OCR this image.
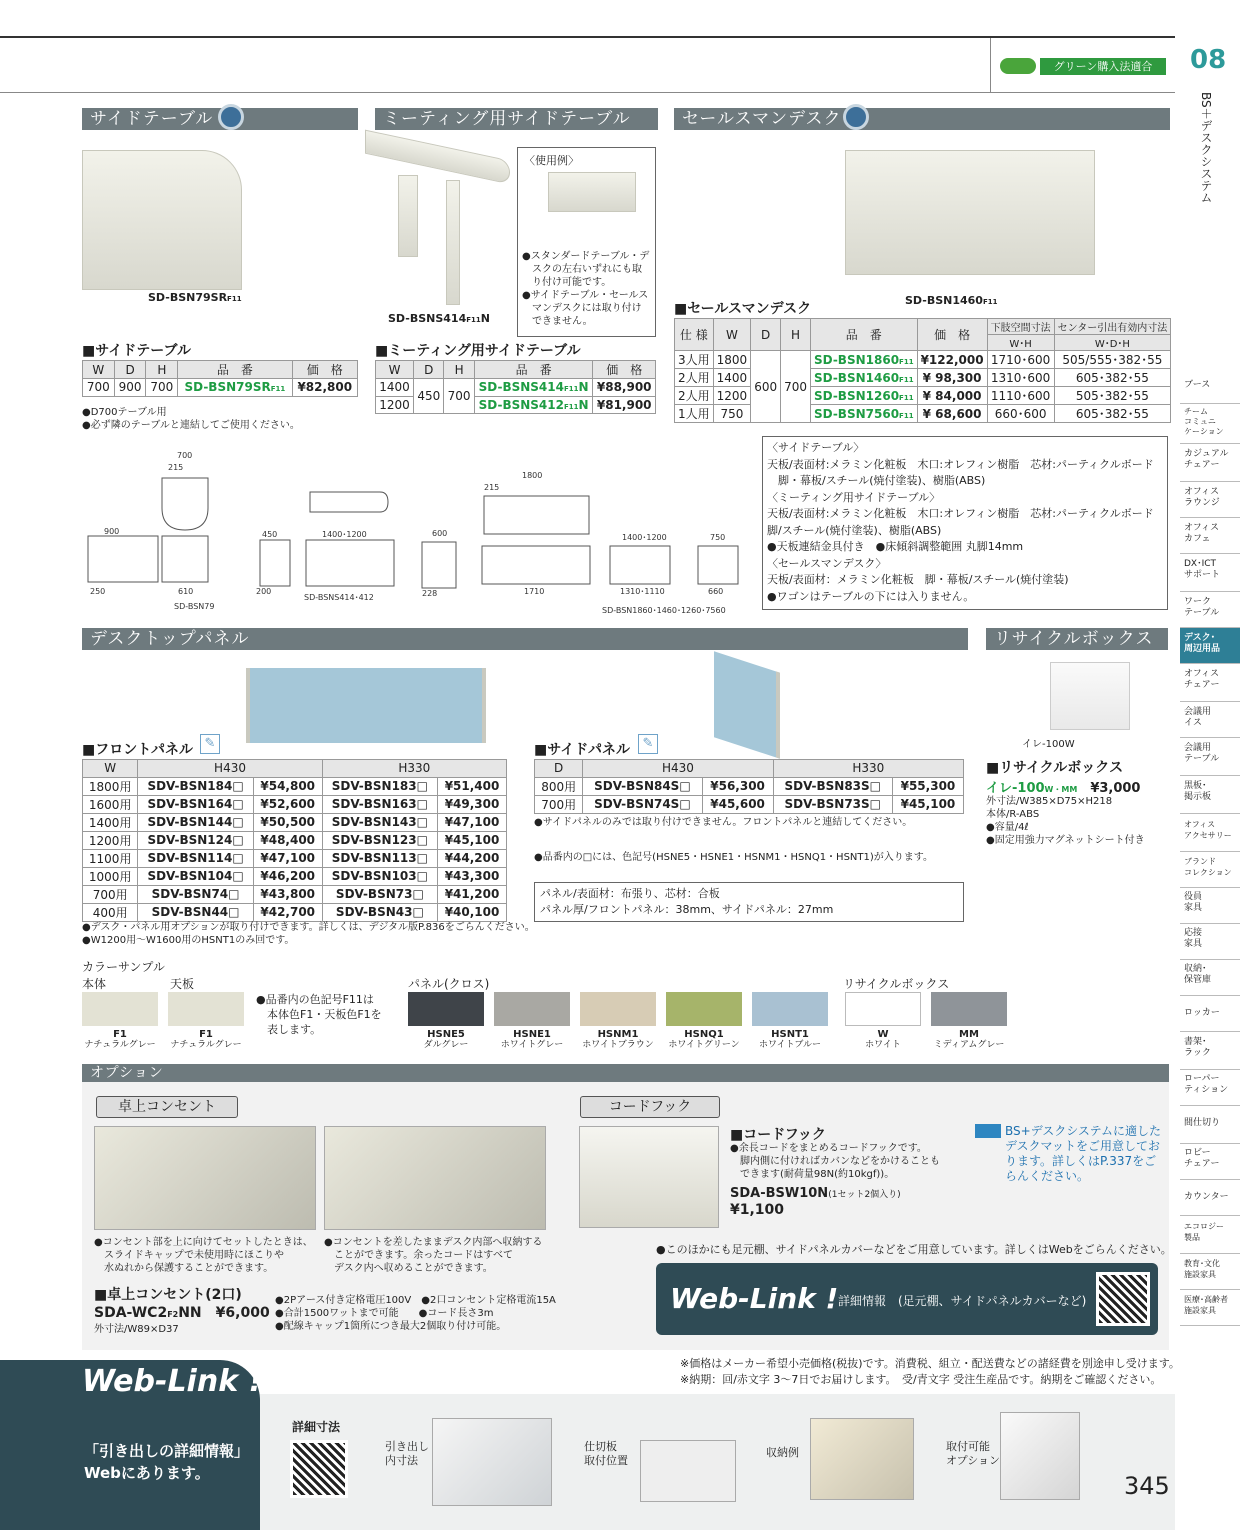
グリーン購入法適合	08
BS＋デスクシステム
サイドテーブル	ミーティング用サイドテーブル	セールスマンデスク
SD-BSN79SRF11
SD-BSNS414F11N
〈使用例〉
●スタンダードテーブル・デ
　スクの左右いずれにも取
　り付け可能です。
●サイドテーブル・セールス
　マンデスクには取り付け
　できません。
SD-BSN1460F11
■サイドテーブル
W	D	H	品　番	価　格
700	900	700	SD-BSN79SRF11	¥82,800
●D700テーブル用
●必ず隣のテーブルと連結してご使用ください。
■ミーティング用サイドテーブル
W	D	H	品　番	価　格
1400	450	700	SD-BSNS414F11N	¥88,900
1200			SD-BSNS412F11N	¥81,900
■セールスマンデスク
仕 様	W	D	H	品　番	価　格	下肢空間寸法	センター引出有効内寸法
						W･H	W･D･H
3人用	1800	600	700	SD-BSN1860F11	¥122,000	1710･600	505/555･382･55
2人用	1400			SD-BSN1460F11	¥ 98,300	1310･600	605･382･55
2人用	1200			SD-BSN1260F11	¥ 84,000	1110･600	505･382･55
1人用	750			SD-BSN7560F11	¥ 68,600	660･600	605･382･55
〈サイドテーブル〉
天板/表面材:メラミン化粧板　木口:オレフィン樹脂　芯材:パーティクルボード
　脚・幕板/スチール(焼付塗装)、樹脂(ABS)
〈ミーティング用サイドテーブル〉
天板/表面材:メラミン化粧板　木口:オレフィン樹脂　芯材:パーティクルボード
脚/スチール(焼付塗装)、樹脂(ABS)
●天板連結金具付き　●床傾斜調整範囲 丸脚14mm
〈セールスマンデスク〉
天板/表面材：メラミン化粧板　脚・幕板/スチール(焼付塗装)
●ワゴンはテーブルの下には入りません。
700
215
900
610
250
SD-BSN79
450	1400･1200
200
SD-BSNS414･412
1800
215
600
1710
1400･1200
1310･1110
750
660
228
SD-BSN1860･1460･1260･7560
デスクトップパネル	リサイクルボックス
イレ-100W
■フロントパネル ✎
W	H430		H330	
1800用	SDV-BSN184□	¥54,800	SDV-BSN183□	¥51,400
1600用	SDV-BSN164□	¥52,600	SDV-BSN163□	¥49,300
1400用	SDV-BSN144□	¥50,500	SDV-BSN143□	¥47,100
1200用	SDV-BSN124□	¥48,400	SDV-BSN123□	¥45,100
1100用	SDV-BSN114□	¥47,100	SDV-BSN113□	¥44,200
1000用	SDV-BSN104□	¥46,200	SDV-BSN103□	¥43,300
700用	SDV-BSN74□	¥43,800	SDV-BSN73□	¥41,200
400用	SDV-BSN44□	¥42,700	SDV-BSN43□	¥40,100
●デスク・パネル用オプションが取り付けできます。詳しくは、デジタル版P.836をごらんください。
●W1200用～W1600用のHSNT1のみ回です。
■サイドパネル ✎
D	H430		H330	
800用	SDV-BSN84S□	¥56,300	SDV-BSN83S□	¥55,300
700用	SDV-BSN74S□	¥45,600	SDV-BSN73S□	¥45,100
●サイドパネルのみでは取り付けできません。フロントパネルと連結してください。
●品番内の□には、色記号(HSNE5・HSNE1・HSNM1・HSNQ1・HSNT1)が入ります。
パネル/表面材：布張り、芯材：合板
パネル厚/フロントパネル：38mm、サイドパネル：27mm
■リサイクルボックス
イレ-100W・MM　 ¥3,000
外寸法/W385×D75×H218
本体/R-ABS
●容量/4ℓ
●固定用強力マグネットシート付き
カラーサンプル
本体	天板
●品番内の色記号F11は
　本体色F1・天板色F1を
　表します。
パネル(クロス)	リサイクルボックス
F1
ナチュラルグレー
F1
ナチュラルグレー
HSNE5
ダルグレー
HSNE1
ホワイトグレー
HSNM1
ホワイトブラウン
HSNQ1
ホワイトグリーン
HSNT1
ホワイトブルー
W
ホワイト
MM
ミディアムグレー
オプション
卓上コンセント	コードフック
●コンセント部を上に向けてセットしたときは、
　スライドキャップで未使用時にほこりや
　水ぬれから保護することができます。
●コンセントを差したままデスク内部へ収納する
　ことができます。余ったコードはすべて
　デスク内へ収めることができます。
■卓上コンセント(2口)
SDA-WC2F2NN　 ¥6,000
外寸法/W89×D37
●2Pアース付き定格電圧100V　●2口コンセント定格電流15A
●合計1500ワットまで可能　　●コード長さ3m
●配線キャップ1箇所につき最大2個取り付け可能。
■コードフック
●余長コードをまとめるコードフックです。
　脚内側に付ければカバンなどをかけることも
　できます(耐荷量98N(約10kgf))。
SDA-BSW10N(1セット2個入り)
¥1,100
BS+デスクシステムに適した
デスクマットをご用意してお
ります。詳しくはP.337をご
らんください。
●このほかにも足元棚、サイドパネルカバーなどをご用意しています。詳しくはWebをごらんください。
Web-Link ! 詳細情報　(足元棚、サイドパネルカバーなど)
※価格はメーカー希望小売価格(税抜)です。消費税、組立・配送費などの諸経費を別途申し受けます。
※納期：回/赤文字 3～7日でお届けします。　受/青文字 受注生産品です。納期をご確認ください。
Web-Link !
「引き出しの詳細情報」
Webにあります。
詳細寸法
引き出し
内寸法
仕切板
取付位置
収納例	取付可能
オプション
345
ブース
チーム
コミュニ
ケーション
カジュアル
チェアー
オフィス
ラウンジ
オフィス
カフェ
DX･ICT
サポート
ワーク
テーブル
デスク･
周辺用品
オフィス
チェアー
会議用
イス
会議用
テーブル
黒板･
掲示板
オフィス
アクセサリー
ブランド
コレクション
役員
家具
応接
家具
収納･
保管庫
ロッカー
書架･
ラック
ローパー
ティション
間仕切り
ロビー
チェアー
カウンター
エコロジー
製品
教育･文化
施設家具
医療･高齢者
施設家具
